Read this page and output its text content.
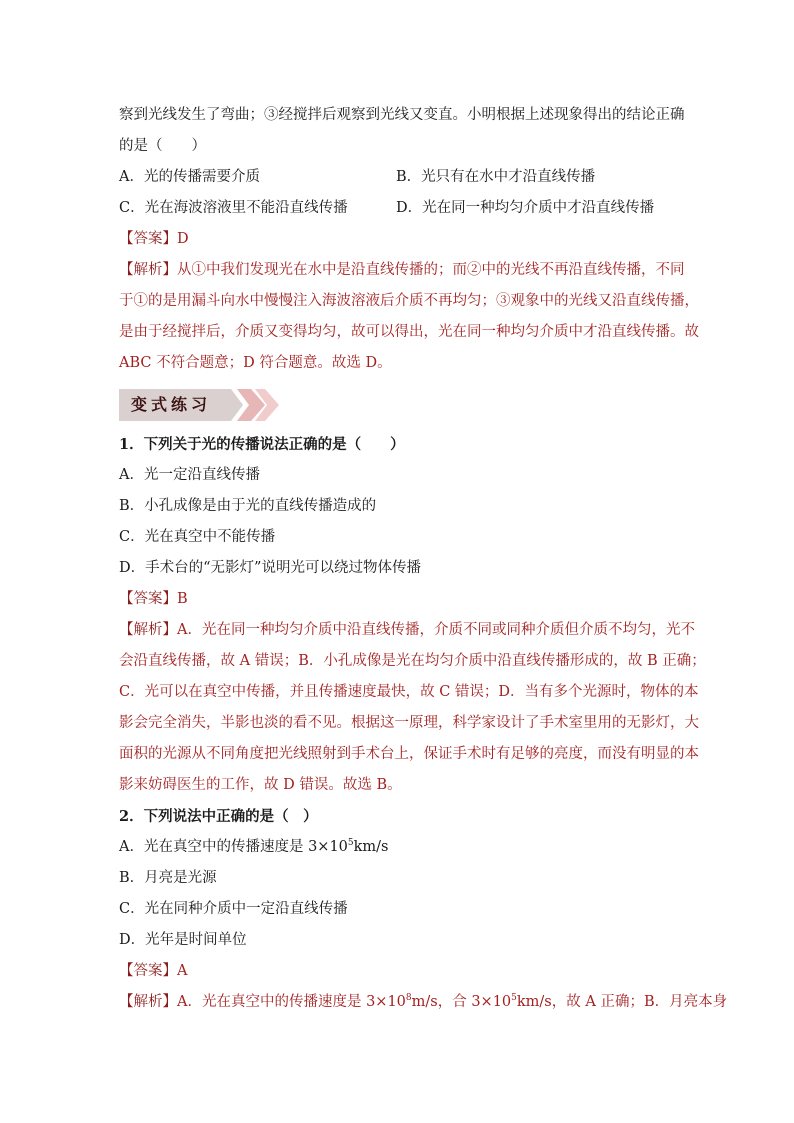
察到光线发生了弯曲；③经搅拌后观察到光线又变直。小明根据上述现象得出的结论正确
的是（　　）
A．光的传播需要介质	B．光只有在水中才沿直线传播
C．光在海波溶液里不能沿直线传播	D．光在同一种均匀介质中才沿直线传播
【答案】D
【解析】从①中我们发现光在水中是沿直线传播的；而②中的光线不再沿直线传播，不同
于①的是用漏斗向水中慢慢注入海波溶液后介质不再均匀；③观象中的光线又沿直线传播，
是由于经搅拌后，介质又变得均匀，故可以得出，光在同一种均匀介质中才沿直线传播。故
ABC 不符合题意；D 符合题意。故选 D。
变式练习
1．下列关于光的传播说法正确的是（　　）
A．光一定沿直线传播
B．小孔成像是由于光的直线传播造成的
C．光在真空中不能传播
D．手术台的“无影灯”说明光可以绕过物体传播
【答案】B
【解析】A．光在同一种均匀介质中沿直线传播，介质不同或同种介质但介质不均匀，光不
会沿直线传播，故 A 错误；B．小孔成像是光在均匀介质中沿直线传播形成的，故 B 正确；
C．光可以在真空中传播，并且传播速度最快，故 C 错误；D．当有多个光源时，物体的本
影会完全消失，半影也淡的看不见。根据这一原理，科学家设计了手术室里用的无影灯，大
面积的光源从不同角度把光线照射到手术台上，保证手术时有足够的亮度，而没有明显的本
影来妨碍医生的工作，故 D 错误。故选 B。
2．下列说法中正确的是（　）
A．光在真空中的传播速度是 $3\times 10^5km/s$
B．月亮是光源
C．光在同种介质中一定沿直线传播
D．光年是时间单位
【答案】A
【解析】A．光在真空中的传播速度是 $3\times 10^8m/s$，合 $3\times 10^5km/s$，故 A 正确；B．月亮本身
